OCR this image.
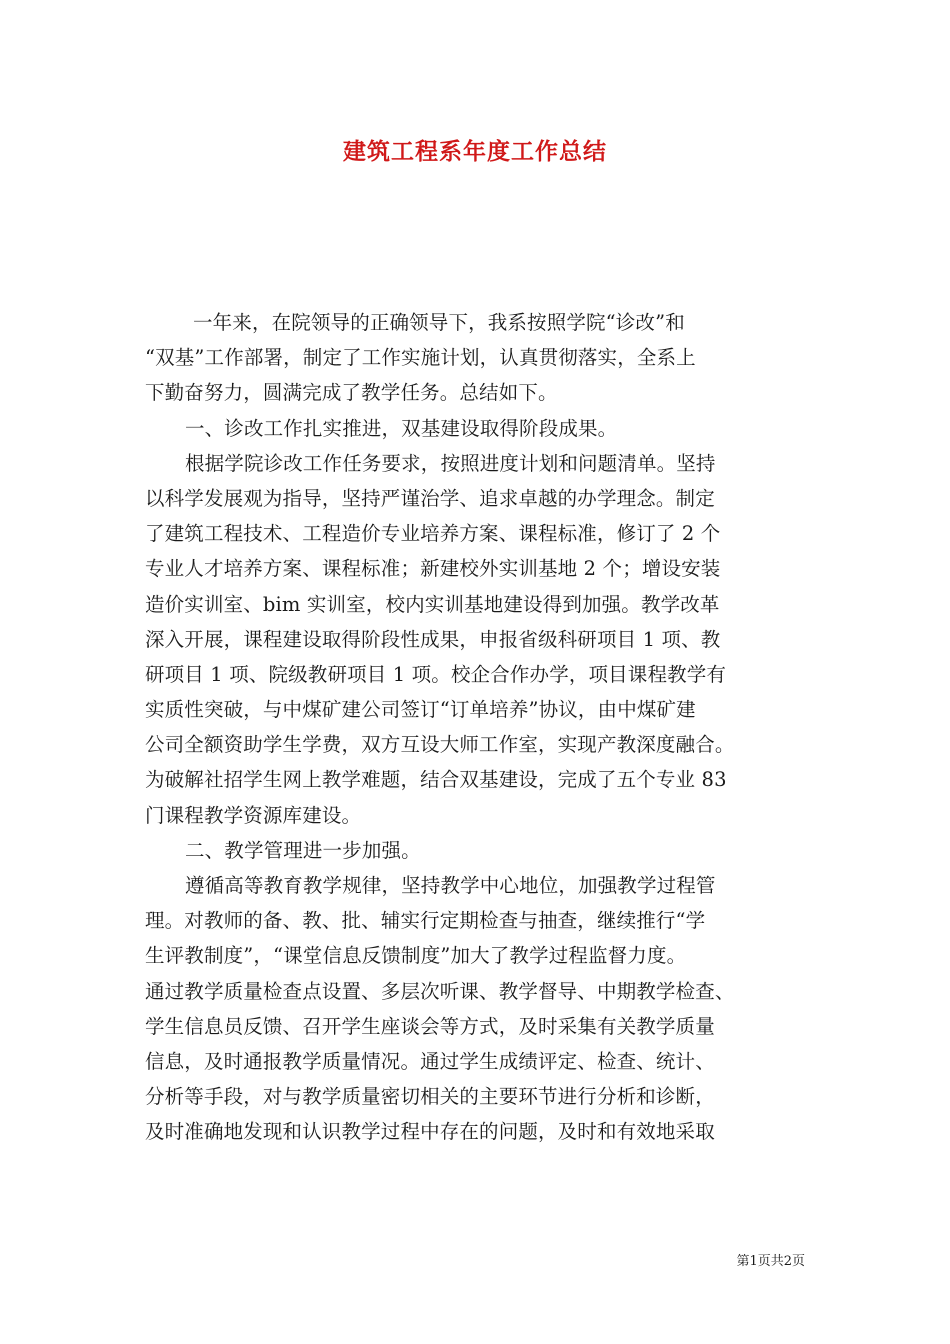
建筑工程系年度工作总结

一年来，在院领导的正确领导下，我系按照学院“诊改”和

“双基”工作部署，制定了工作实施计划，认真贯彻落实，全系上

下勤奋努力，圆满完成了教学任务。总结如下。

一、诊改工作扎实推进，双基建设取得阶段成果。

根据学院诊改工作任务要求，按照进度计划和问题清单。坚持

以科学发展观为指导，坚持严谨治学、追求卓越的办学理念。制定

了建筑工程技术、工程造价专业培养方案、课程标准，修订了 2 个

专业人才培养方案、课程标准；新建校外实训基地 2 个；增设安装

造价实训室、bim 实训室，校内实训基地建设得到加强。教学改革

深入开展，课程建设取得阶段性成果，申报省级科研项目 1 项、教

研项目 1 项、院级教研项目 1 项。校企合作办学，项目课程教学有

实质性突破，与中煤矿建公司签订“订单培养”协议，由中煤矿建

公司全额资助学生学费，双方互设大师工作室，实现产教深度融合。

为破解社招学生网上教学难题，结合双基建设，完成了五个专业 83

门课程教学资源库建设。

二、教学管理进一步加强。

遵循高等教育教学规律，坚持教学中心地位，加强教学过程管

理。对教师的备、教、批、辅实行定期检查与抽查，继续推行“学

生评教制度”，“课堂信息反馈制度”加大了教学过程监督力度。

通过教学质量检查点设置、多层次听课、教学督导、中期教学检查、

学生信息员反馈、召开学生座谈会等方式，及时采集有关教学质量

信息，及时通报教学质量情况。通过学生成绩评定、检查、统计、

分析等手段，对与教学质量密切相关的主要环节进行分析和诊断，

及时准确地发现和认识教学过程中存在的问题，及时和有效地采取

第1页共2页
